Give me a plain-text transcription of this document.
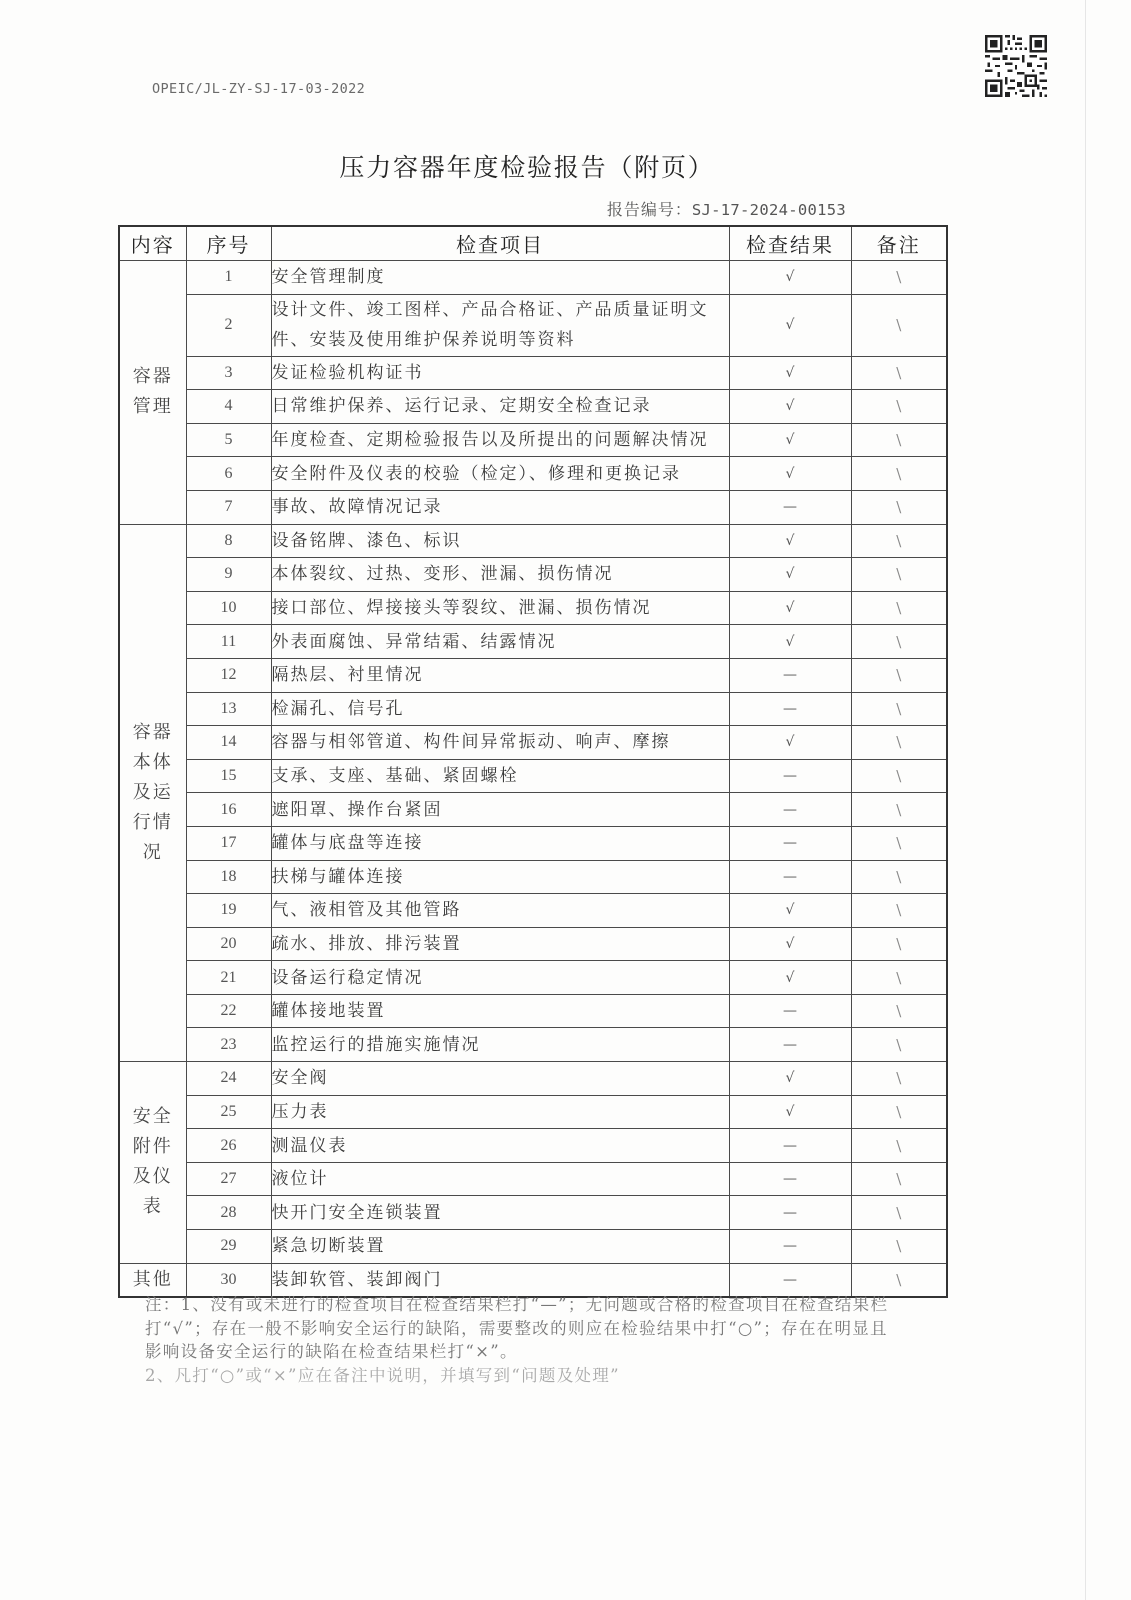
OPEIC/JL-ZY-SJ-17-03-2022
压力容器年度检验报告（附页）
报告编号：SJ-17-2024-00153
内容	序号	检查项目	检查结果	备注
容器管理	1	安全管理制度	√	\
	2	设计文件、竣工图样、产品合格证、产品质量证明文件、安装及使用维护保养说明等资料	√	\
	3	发证检验机构证书	√	\
	4	日常维护保养、运行记录、定期安全检查记录	√	\
	5	年度检查、定期检验报告以及所提出的问题解决情况	√	\
	6	安全附件及仪表的校验（检定）、修理和更换记录	√	\
	7	事故、故障情况记录	—	\
容器本体及运行情况	8	设备铭牌、漆色、标识	√	\
	9	本体裂纹、过热、变形、泄漏、损伤情况	√	\
	10	接口部位、焊接接头等裂纹、泄漏、损伤情况	√	\
	11	外表面腐蚀、异常结霜、结露情况	√	\
	12	隔热层、衬里情况	—	\
	13	检漏孔、信号孔	—	\
	14	容器与相邻管道、构件间异常振动、响声、摩擦	√	\
	15	支承、支座、基础、紧固螺栓	—	\
	16	遮阳罩、操作台紧固	—	\
	17	罐体与底盘等连接	—	\
	18	扶梯与罐体连接	—	\
	19	气、液相管及其他管路	√	\
	20	疏水、排放、排污装置	√	\
	21	设备运行稳定情况	√	\
	22	罐体接地装置	—	\
	23	监控运行的措施实施情况	—	\
安全附件及仪表	24	安全阀	√	\
	25	压力表	√	\
	26	测温仪表	—	\
	27	液位计	—	\
	28	快开门安全连锁装置	—	\
	29	紧急切断装置	—	\
其他	30	装卸软管、装卸阀门	—	\
注：1、没有或未进行的检查项目在检查结果栏打“—”；无问题或合格的检查项目在检查结果栏打“√”；存在一般不影响安全运行的缺陷，需要整改的则应在检验结果中打“○”；存在在明显且影响设备安全运行的缺陷在检查结果栏打“×”。
2、凡打“○”或“×”应在备注中说明，并填写到“问题及处理”
